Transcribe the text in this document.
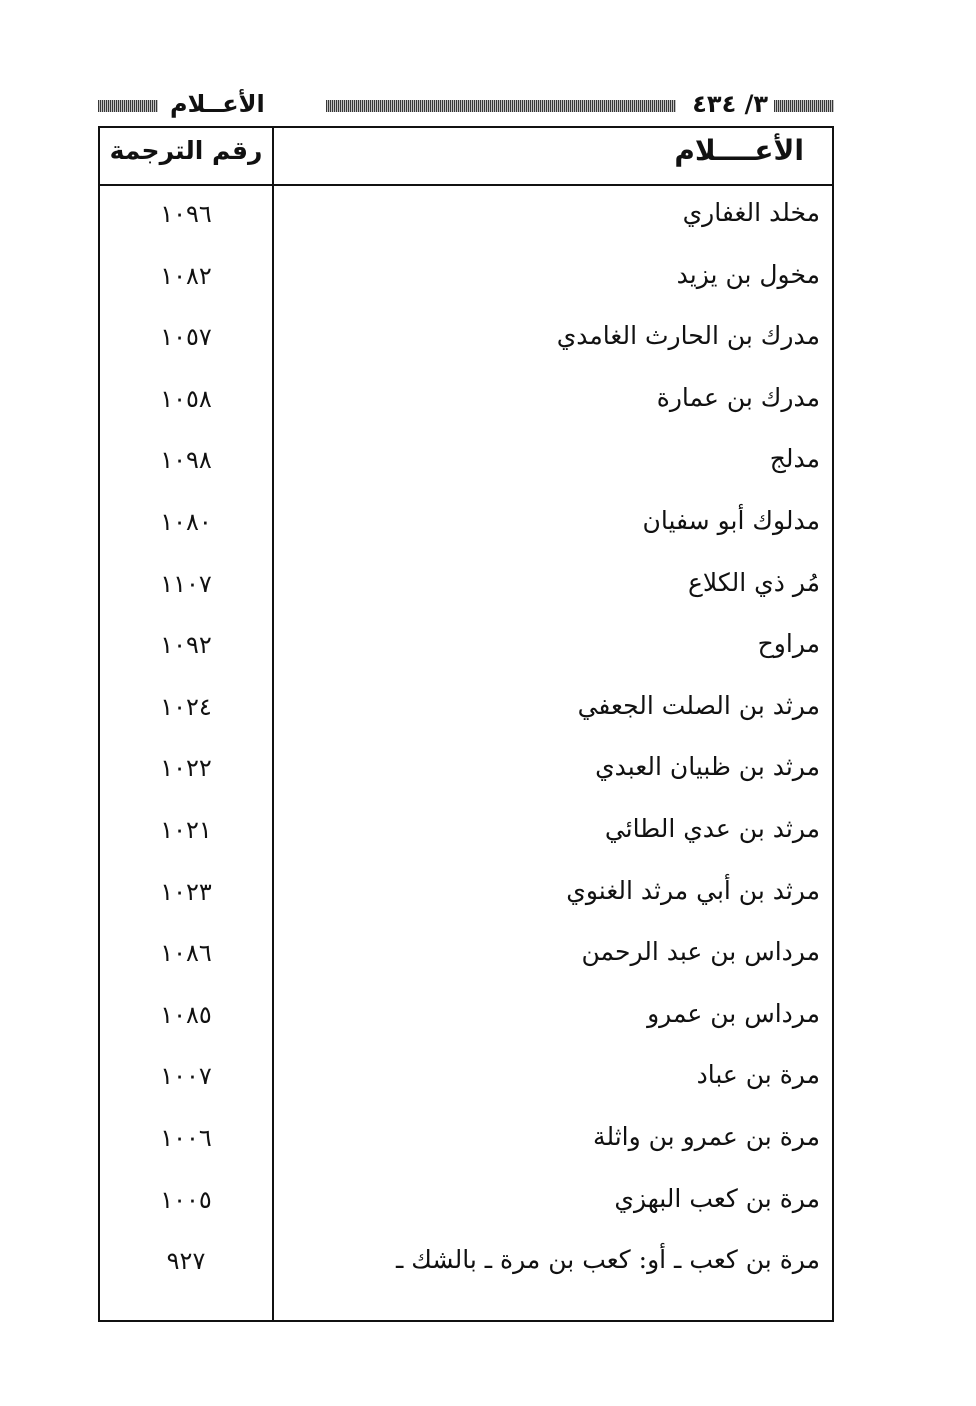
الأعــلام	٣/ ٤٣٤
الأعــــلام
رقم الترجمة
مخلد الغفاري
١٠٩٦
مخول بن يزيد
١٠٨٢
مدرك بن الحارث الغامدي
١٠٥٧
مدرك بن عمارة
١٠٥٨
مدلج
١٠٩٨
مدلوك أبو سفيان
١٠٨٠
مُر ذي الكلاع
١١٠٧
مراوح
١٠٩٢
مرثد بن الصلت الجعفي
١٠٢٤
مرثد بن ظبيان العبدي
١٠٢٢
مرثد بن عدي الطائي
١٠٢١
مرثد بن أبي مرثد الغنوي
١٠٢٣
مرداس بن عبد الرحمن
١٠٨٦
مرداس بن عمرو
١٠٨٥
مرة بن عباد
١٠٠٧
مرة بن عمرو بن واثلة
١٠٠٦
مرة بن كعب البهزي
١٠٠٥
مرة بن كعب ـ أو: كعب بن مرة ـ بالشك ـ
٩٢٧
